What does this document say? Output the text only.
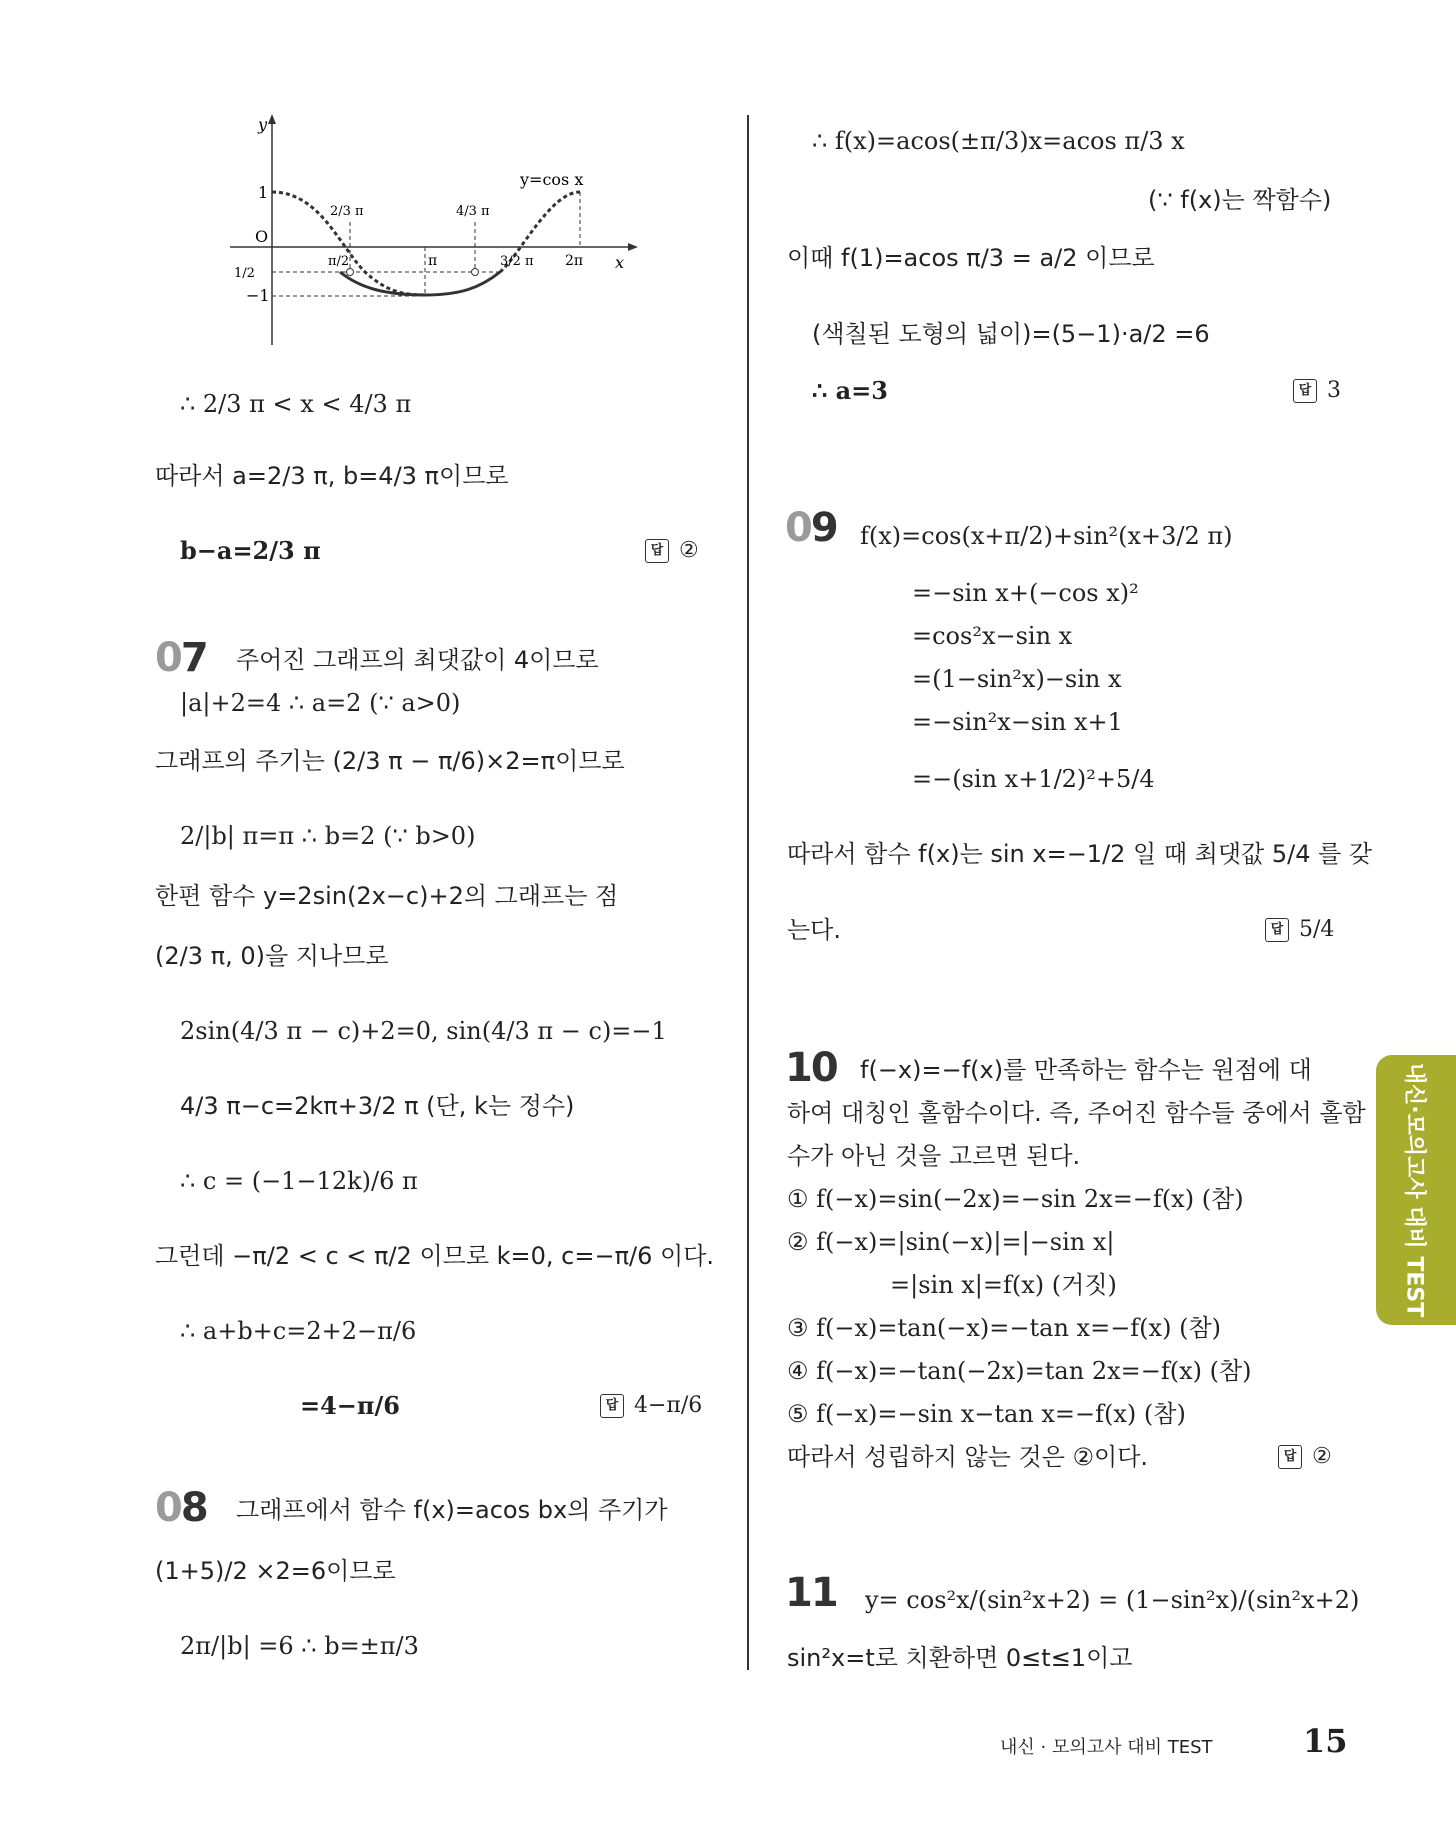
y
x
y=cos x
O
1
1/2
−1
2/3 π	4/3 π
π/2	π	3/2 π 2π
∴ 2/3 π < x < 4/3 π
따라서 a=2/3 π, b=4/3 π이므로
b−a=2/3 π	답 ②
07 주어진 그래프의 최댓값이 4이므로
|a|+2=4 ∴ a=2 (∵ a>0)
그래프의 주기는 (2/3 π − π/6)×2=π이므로
2/|b| π=π ∴ b=2 (∵ b>0)
한편 함수 y=2sin(2x−c)+2의 그래프는 점
(2/3 π, 0)을 지나므로
2sin(4/3 π − c)+2=0, sin(4/3 π − c)=−1
4/3 π−c=2kπ+3/2 π (단, k는 정수)
∴ c = (−1−12k)/6 π
그런데 −π/2 < c < π/2 이므로 k=0, c=−π/6 이다.
∴ a+b+c=2+2−π/6
=4−π/6	답 4−π/6
08 그래프에서 함수 f(x)=acos bx의 주기가
(1+5)/2 ×2=6이므로
2π/|b| =6 ∴ b=±π/3
∴ f(x)=acos(±π/3)x=acos π/3 x
(∵ f(x)는 짝함수)
이때 f(1)=acos π/3 = a/2 이므로
(색칠된 도형의 넓이)=(5−1)·a/2 =6
∴ a=3	답 3
09 f(x)=cos(x+π/2)+sin²(x+3/2 π)
=−sin x+(−cos x)²
=cos²x−sin x
=(1−sin²x)−sin x
=−sin²x−sin x+1
=−(sin x+1/2)²+5/4
따라서 함수 f(x)는 sin x=−1/2 일 때 최댓값 5/4 를 갖
는다.	답 5/4
10 f(−x)=−f(x)를 만족하는 함수는 원점에 대
하여 대칭인 홀함수이다. 즉, 주어진 함수들 중에서 홀함
수가 아닌 것을 고르면 된다.
① f(−x)=sin(−2x)=−sin 2x=−f(x) (참)
② f(−x)=|sin(−x)|=|−sin x|
=|sin x|=f(x) (거짓)
③ f(−x)=tan(−x)=−tan x=−f(x) (참)
④ f(−x)=−tan(−2x)=tan 2x=−f(x) (참)
⑤ f(−x)=−sin x−tan x=−f(x) (참)
따라서 성립하지 않는 것은 ②이다.	답 ②
11 y= cos²x/(sin²x+2) = (1−sin²x)/(sin²x+2)
sin²x=t로 치환하면 0≤t≤1이고
내신·모의고사 대비 TEST
내신 · 모의고사 대비 TEST	15
